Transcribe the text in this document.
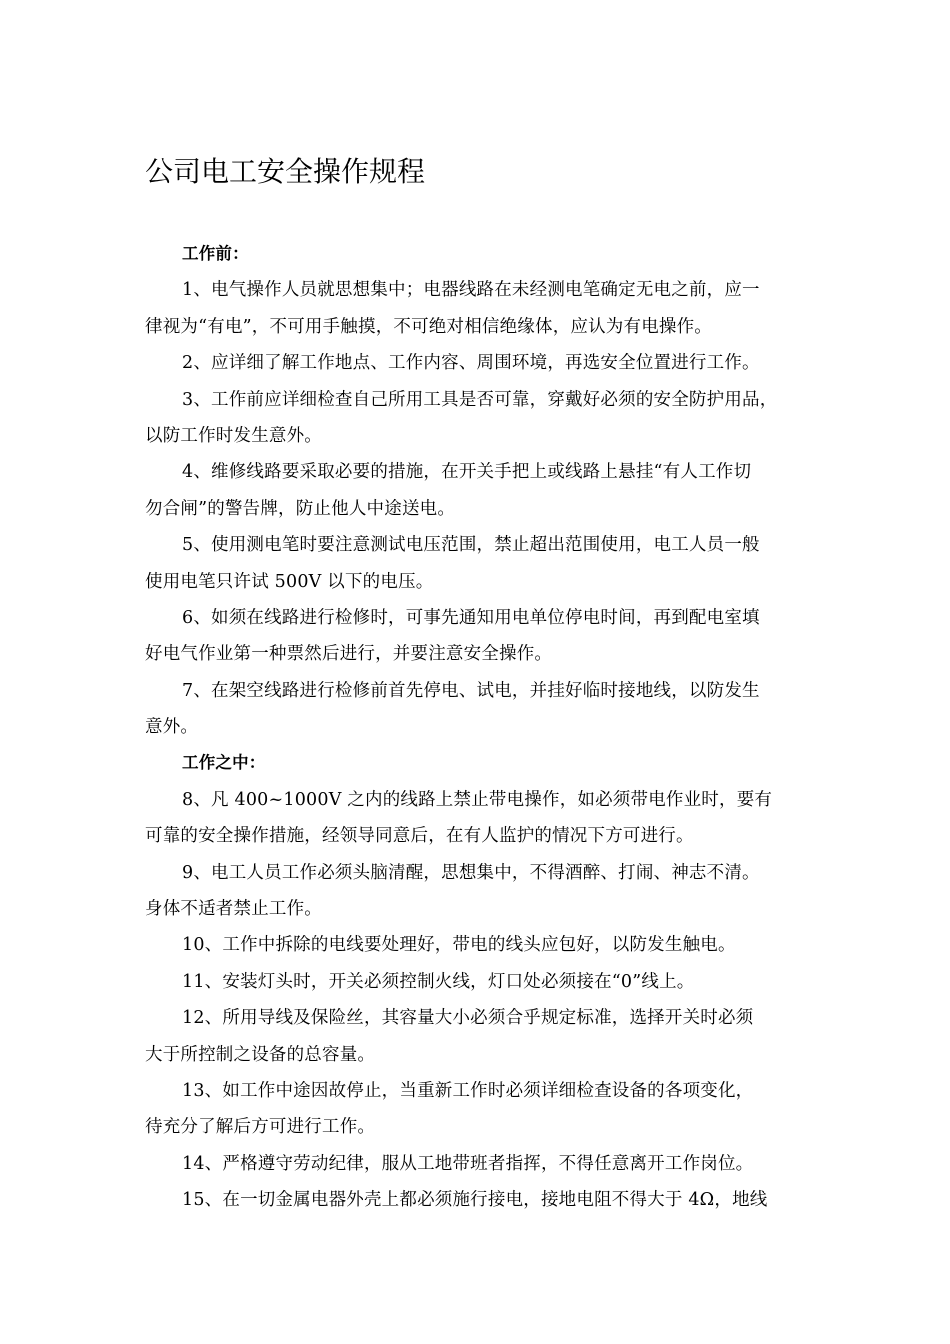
公司电工安全操作规程
工作前：
1、电气操作人员就思想集中；电器线路在未经测电笔确定无电之前，应一
律视为“有电”，不可用手触摸，不可绝对相信绝缘体，应认为有电操作。
2、应详细了解工作地点、工作内容、周围环境，再选安全位置进行工作。
3、工作前应详细检查自己所用工具是否可靠，穿戴好必须的安全防护用品，
以防工作时发生意外。
4、维修线路要采取必要的措施，在开关手把上或线路上悬挂“有人工作切
勿合闸”的警告牌，防止他人中途送电。
5、使用测电笔时要注意测试电压范围，禁止超出范围使用，电工人员一般
使用电笔只许试 500V 以下的电压。
6、如须在线路进行检修时，可事先通知用电单位停电时间，再到配电室填
好电气作业第一种票然后进行，并要注意安全操作。
7、在架空线路进行检修前首先停电、试电，并挂好临时接地线，以防发生
意外。
工作之中：
8、凡 400~1000V 之内的线路上禁止带电操作，如必须带电作业时，要有
可靠的安全操作措施，经领导同意后，在有人监护的情况下方可进行。
9、电工人员工作必须头脑清醒，思想集中，不得酒醉、打闹、神志不清。
身体不适者禁止工作。
10、工作中拆除的电线要处理好，带电的线头应包好，以防发生触电。
11、安装灯头时，开关必须控制火线，灯口处必须接在“0”线上。
12、所用导线及保险丝，其容量大小必须合乎规定标准，选择开关时必须
大于所控制之设备的总容量。
13、如工作中途因故停止，当重新工作时必须详细检查设备的各项变化，
待充分了解后方可进行工作。
14、严格遵守劳动纪律，服从工地带班者指挥，不得任意离开工作岗位。
15、在一切金属电器外壳上都必须施行接电，接地电阻不得大于 4Ω，地线
